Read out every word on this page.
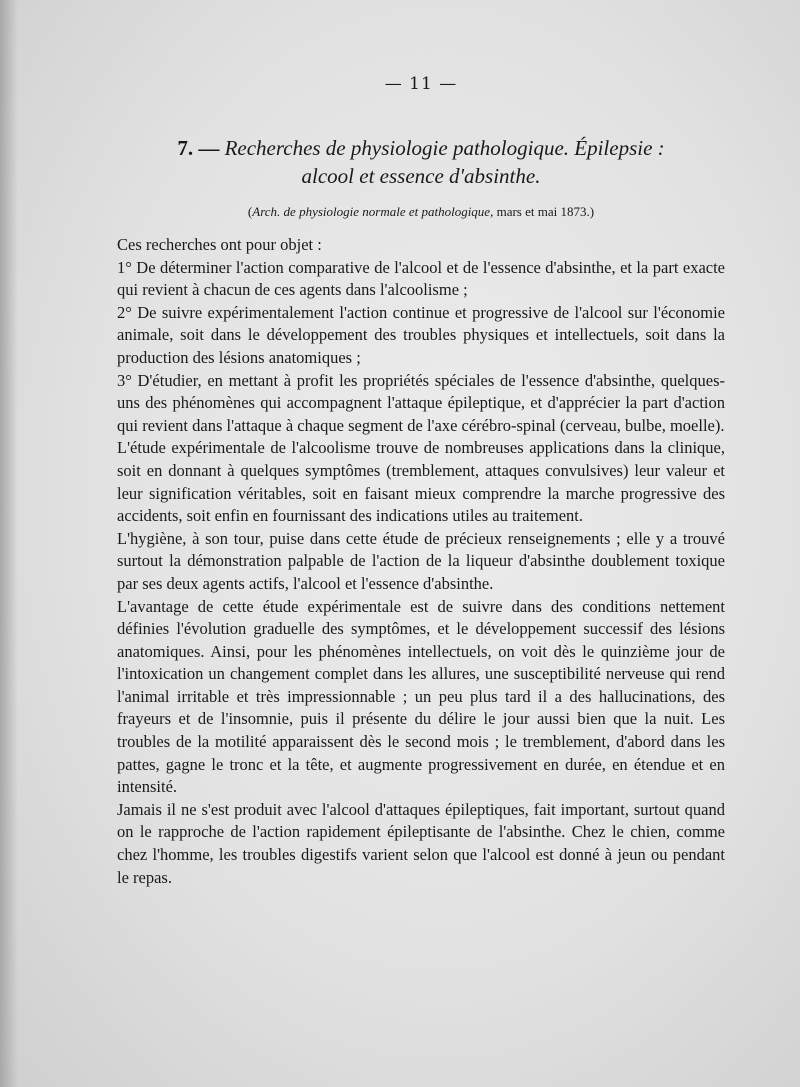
— 11 —
7. — Recherches de physiologie pathologique. Épilepsie :
alcool et essence d'absinthe.
(Arch. de physiologie normale et pathologique, mars et mai 1873.)

Ces recherches ont pour objet :

1° De déterminer l'action comparative de l'alcool et de l'essence d'absinthe, et la part exacte qui revient à chacun de ces agents dans l'alcoolisme ;

2° De suivre expérimentalement l'action continue et progressive de l'alcool sur l'économie animale, soit dans le développement des troubles physiques et intellectuels, soit dans la production des lésions anatomiques ;

3° D'étudier, en mettant à profit les propriétés spéciales de l'essence d'absinthe, quelques-uns des phénomènes qui accompagnent l'attaque épileptique, et d'apprécier la part d'action qui revient dans l'attaque à chaque segment de l'axe cérébro-spinal (cerveau, bulbe, moelle).

L'étude expérimentale de l'alcoolisme trouve de nombreuses applications dans la clinique, soit en donnant à quelques symptômes (tremblement, attaques convulsives) leur valeur et leur signification véritables, soit en faisant mieux comprendre la marche progressive des accidents, soit enfin en fournissant des indications utiles au traitement.

L'hygiène, à son tour, puise dans cette étude de précieux renseignements ; elle y a trouvé surtout la démonstration palpable de l'action de la liqueur d'absinthe doublement toxique par ses deux agents actifs, l'alcool et l'essence d'absinthe.

L'avantage de cette étude expérimentale est de suivre dans des conditions nettement définies l'évolution graduelle des symptômes, et le développement successif des lésions anatomiques. Ainsi, pour les phénomènes intellectuels, on voit dès le quinzième jour de l'intoxication un changement complet dans les allures, une susceptibilité nerveuse qui rend l'animal irritable et très impressionnable ; un peu plus tard il a des hallucinations, des frayeurs et de l'insomnie, puis il présente du délire le jour aussi bien que la nuit. Les troubles de la motilité apparaissent dès le second mois ; le tremblement, d'abord dans les pattes, gagne le tronc et la tête, et augmente progressivement en durée, en étendue et en intensité.

Jamais il ne s'est produit avec l'alcool d'attaques épileptiques, fait important, surtout quand on le rapproche de l'action rapidement épileptisante de l'absinthe. Chez le chien, comme chez l'homme, les troubles digestifs varient selon que l'alcool est donné à jeun ou pendant le repas.
